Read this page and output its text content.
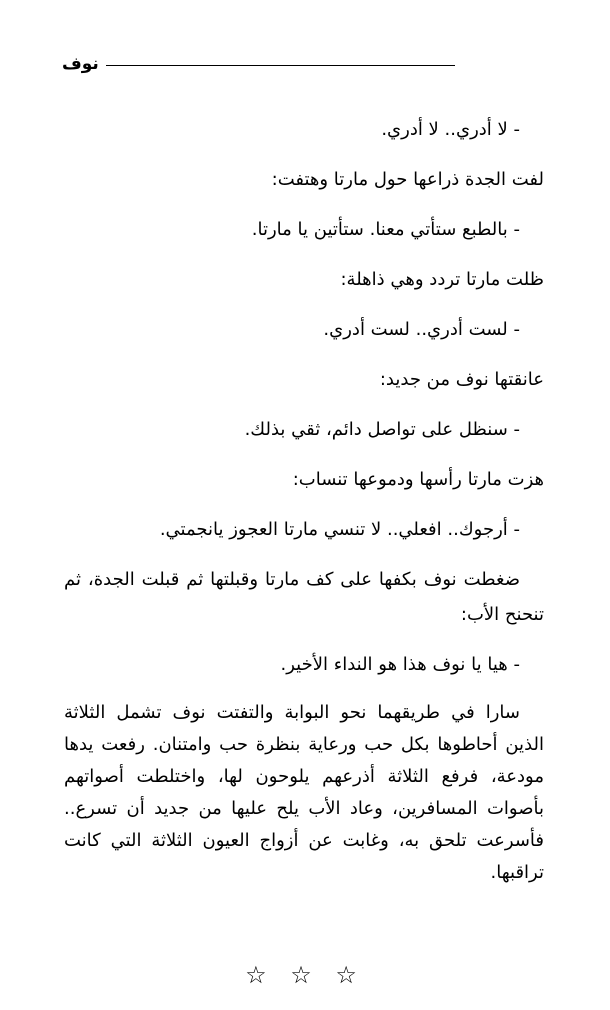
نوف

- لا أدري.. لا أدري.

لفت الجدة ذراعها حول مارتا وهتفت:

- بالطبع ستأتي معنا. ستأتين يا مارتا.

ظلت مارتا تردد وهي ذاهلة:

- لست أدري.. لست أدري.

عانقتها نوف من جديد:

- سنظل على تواصل دائم، ثقي بذلك.

هزت مارتا رأسها ودموعها تنساب:

- أرجوك.. افعلي.. لا تنسي مارتا العجوز يانجمتي.

ضغطت نوف بكفها على كف مارتا وقبلتها ثم قبلت الجدة، ثم تنحنح الأب:

- هيا يا نوف هذا هو النداء الأخير.

سارا في طريقهما نحو البوابة والتفتت نوف تشمل الثلاثة الذين أحاطوها بكل حب ورعاية بنظرة حب وامتنان. رفعت يدها مودعة، فرفع الثلاثة أذرعهم يلوحون لها، واختلطت أصواتهم بأصوات المسافرين، وعاد الأب يلح عليها من جديد أن تسرع.. فأسرعت تلحق به، وغابت عن أزواج العيون الثلاثة التي كانت تراقبها.

☆ ☆ ☆
